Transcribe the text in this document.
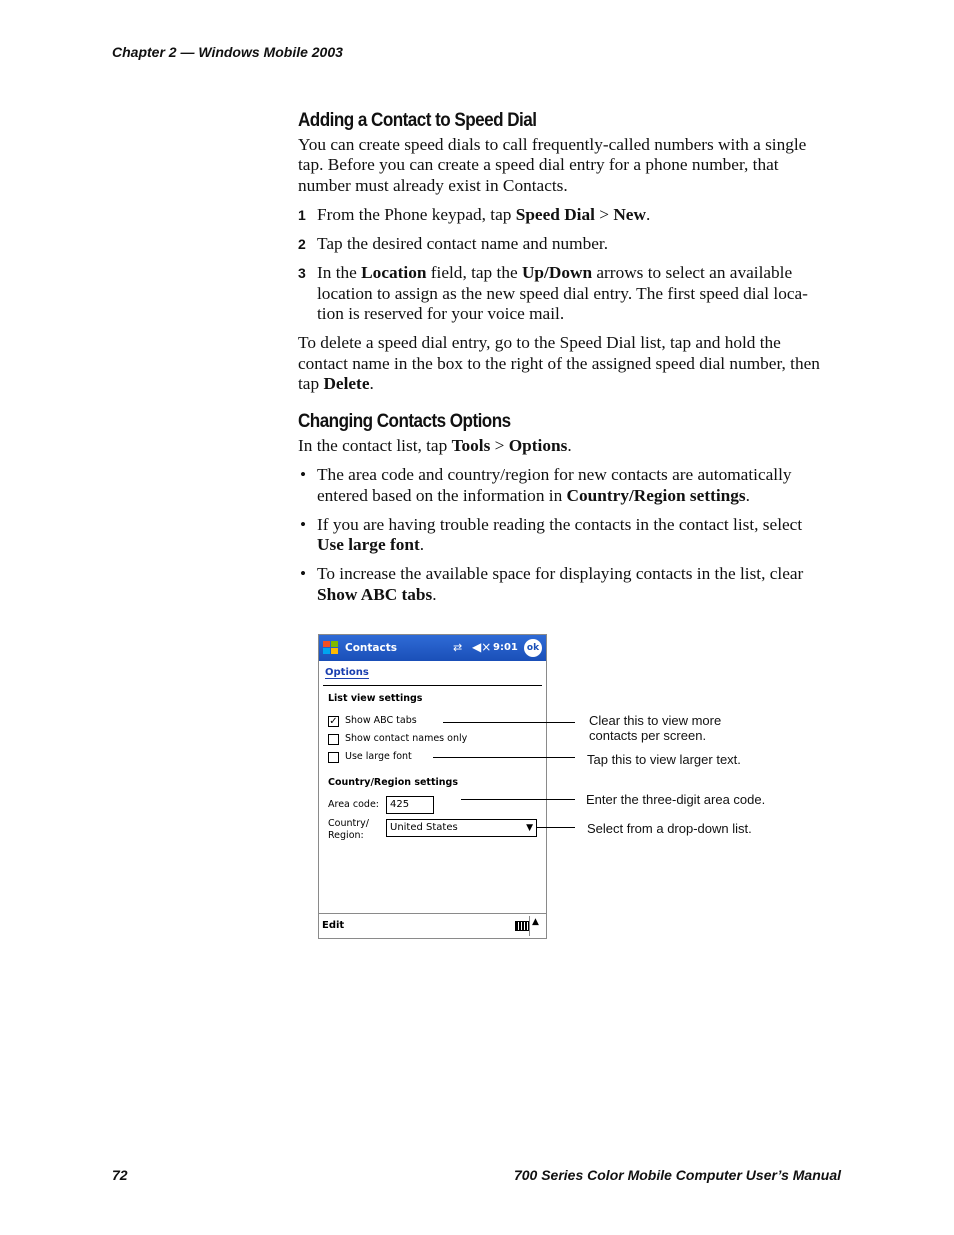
Chapter 2 — Windows Mobile 2003
Adding a Contact to Speed Dial

You can create speed dials to call frequently-called numbers with a single tap. Before you can create a speed dial entry for a phone number, that number must already exist in Contacts.

1 From the Phone keypad, tap Speed Dial > New.
2 Tap the desired contact name and number.
3 In the Location field, tap the Up/Down arrows to select an available location to assign as the new speed dial entry. The first speed dial loca-tion is reserved for your voice mail.

To delete a speed dial entry, go to the Speed Dial list, tap and hold the contact name in the box to the right of the assigned speed dial number, then tap Delete.

Changing Contacts Options

In the contact list, tap Tools > Options.

• The area code and country/region for new contacts are automatically entered based on the information in Country/Region settings.
• If you are having trouble reading the contacts in the contact list, select Use large font.
• To increase the available space for displaying contacts in the list, clear Show ABC tabs.
Contacts	⇄ ◀× 9:01	ok
Options
List view settings
✓ Show ABC tabs
Show contact names only
Use large font
Country/Region settings
Area code:	425
Country/
Region:
United States	▼
Edit	▲
Clear this to view more
contacts per screen.
Tap this to view larger text.
Enter the three-digit area code.
Select from a drop-down list.
72	700 Series Color Mobile Computer User’s Manual
